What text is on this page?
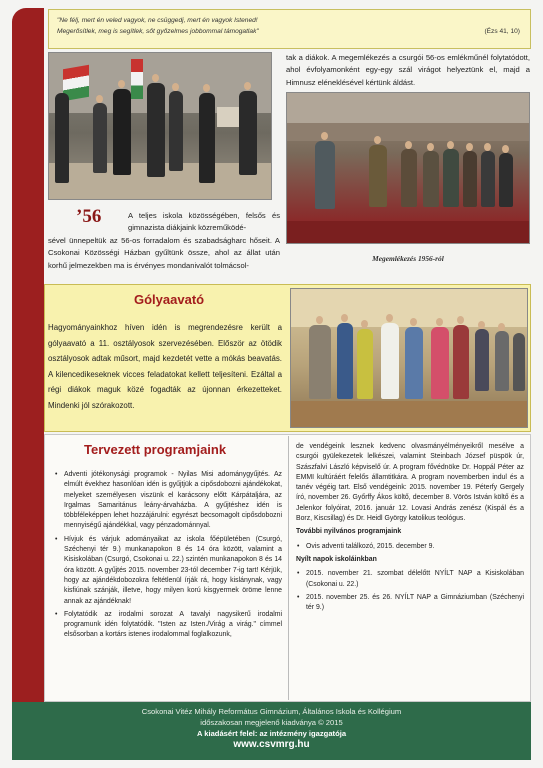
"Ne félj, mert én veled vagyok, ne csüggedj, mert én vagyok Istened!
Megerősítlek, meg is segítlek, sőt győzelmes jobbommal támogatlak"	(Ézs 41, 10)
tak a diákok. A megemlékezés a csurgói 56-os emlékműnél folytatódott, ahol évfolyamonként egy-egy szál virágot helyeztünk el, majd a Himnusz eléneklésével kértünk áldást.
Megemlékezés 1956-ról
’56	A teljes iskola közösségében, felsős és gimnazista diákjaink közreműködé-
sével ünnepeltük az 56-os forradalom és szabadságharc hőseit. A Csokonai Közösségi Házban gyűltünk össze, ahol az állat után korhű jelmezekben ma is érvényes mondanivalót tolmácsol-
Gólyaavató
Hagyományainkhoz híven idén is megrendezésre került a gólyaavató a 11. osztályosok szervezésében. Először az ötödik osztályosok adtak műsort, majd kezdetét vette a mókás beavatás. A kilencedikeseknek vicces feladatokat kellett teljesíteni. Ezáltal a régi diákok maguk közé fogadták az újonnan érkezetteket. Mindenki jól szórakozott.
Tervezett programjaink
• Adventi jótékonysági programok - Nyilas Misi adománygyűjtés. Az elmúlt évekhez hasonlóan idén is gyűjtjük a cipősdobozni ajándékokat, melyeket személyesen viszünk el karácsony előtt Kárpátaljára, az Irgalmas Samaritánus leány-árvaházba. A gyűjtéshez idén is többféleképpen lehet hozzájárulni: egyrészt becsomagolt cipősdobozni mennyiségű ajándékkal, vagy pénzadománnyal.
• Hívjuk és várjuk adományaikat az iskola főépületében (Csurgó, Széchenyi tér 9.) munkanapokon 8 és 14 óra között, valamint a Kisiskolában (Csurgó, Csokonai u. 22.) szintén munkanapokon 8 és 14 óra között. A gyűjtés 2015. november 23-tól december 7-ig tart! Kérjük, hogy az ajándékdobozokra feltétlenül írják rá, hogy kislánynak, vagy kisfiúnak szánják, illetve, hogy milyen korú kisgyermek öröme lenne annak az ajándéknak!
• Folytatódik az irodalmi sorozat A tavalyi nagysikerű irodalmi programunk idén folytatódik. "Isten az Isten./Virág a virág." címmel elsősorban a kortárs istenes irodalommal foglalkozunk,
de vendégeink lesznek kedvenc olvasmányélményeikről mesélve a csurgói gyülekezetek lelkészei, valamint Steinbach József püspök úr, Szászfalvi László képviselő úr. A program fővédnöke Dr. Hoppál Péter az EMMI kultúráért felelős államtitkára. A program novemberben indul és a tanév végéig tart. Első vendégeink: 2015. november 19. Péterfy Gergely író, november 26. Győrffy Ákos költő, december 8. Vörös István költő és a Jelenkor folyóirat, 2016. január 12. Lovasi András zenész (Kispál és a Borz, Kiscsillag) és Dr. Heidl György katolikus teológus.
További nyilvános programjaink
• Ovis adventi találkozó, 2015. december 9.
Nyílt napok iskoláinkban
• 2015. november 21. szombat délelőtt NYÍLT NAP a Kisiskolában (Csokonai u. 22.)
• 2015. november 25. és 26. NYÍLT NAP a Gimnáziumban (Széchenyi tér 9.)
Csokonai Vitéz Mihály Református Gimnázium, Általános Iskola és Kollégium
időszakosan megjelenő kiadványa © 2015
A kiadásért felel: az intézmény igazgatója
www.csvmrg.hu
